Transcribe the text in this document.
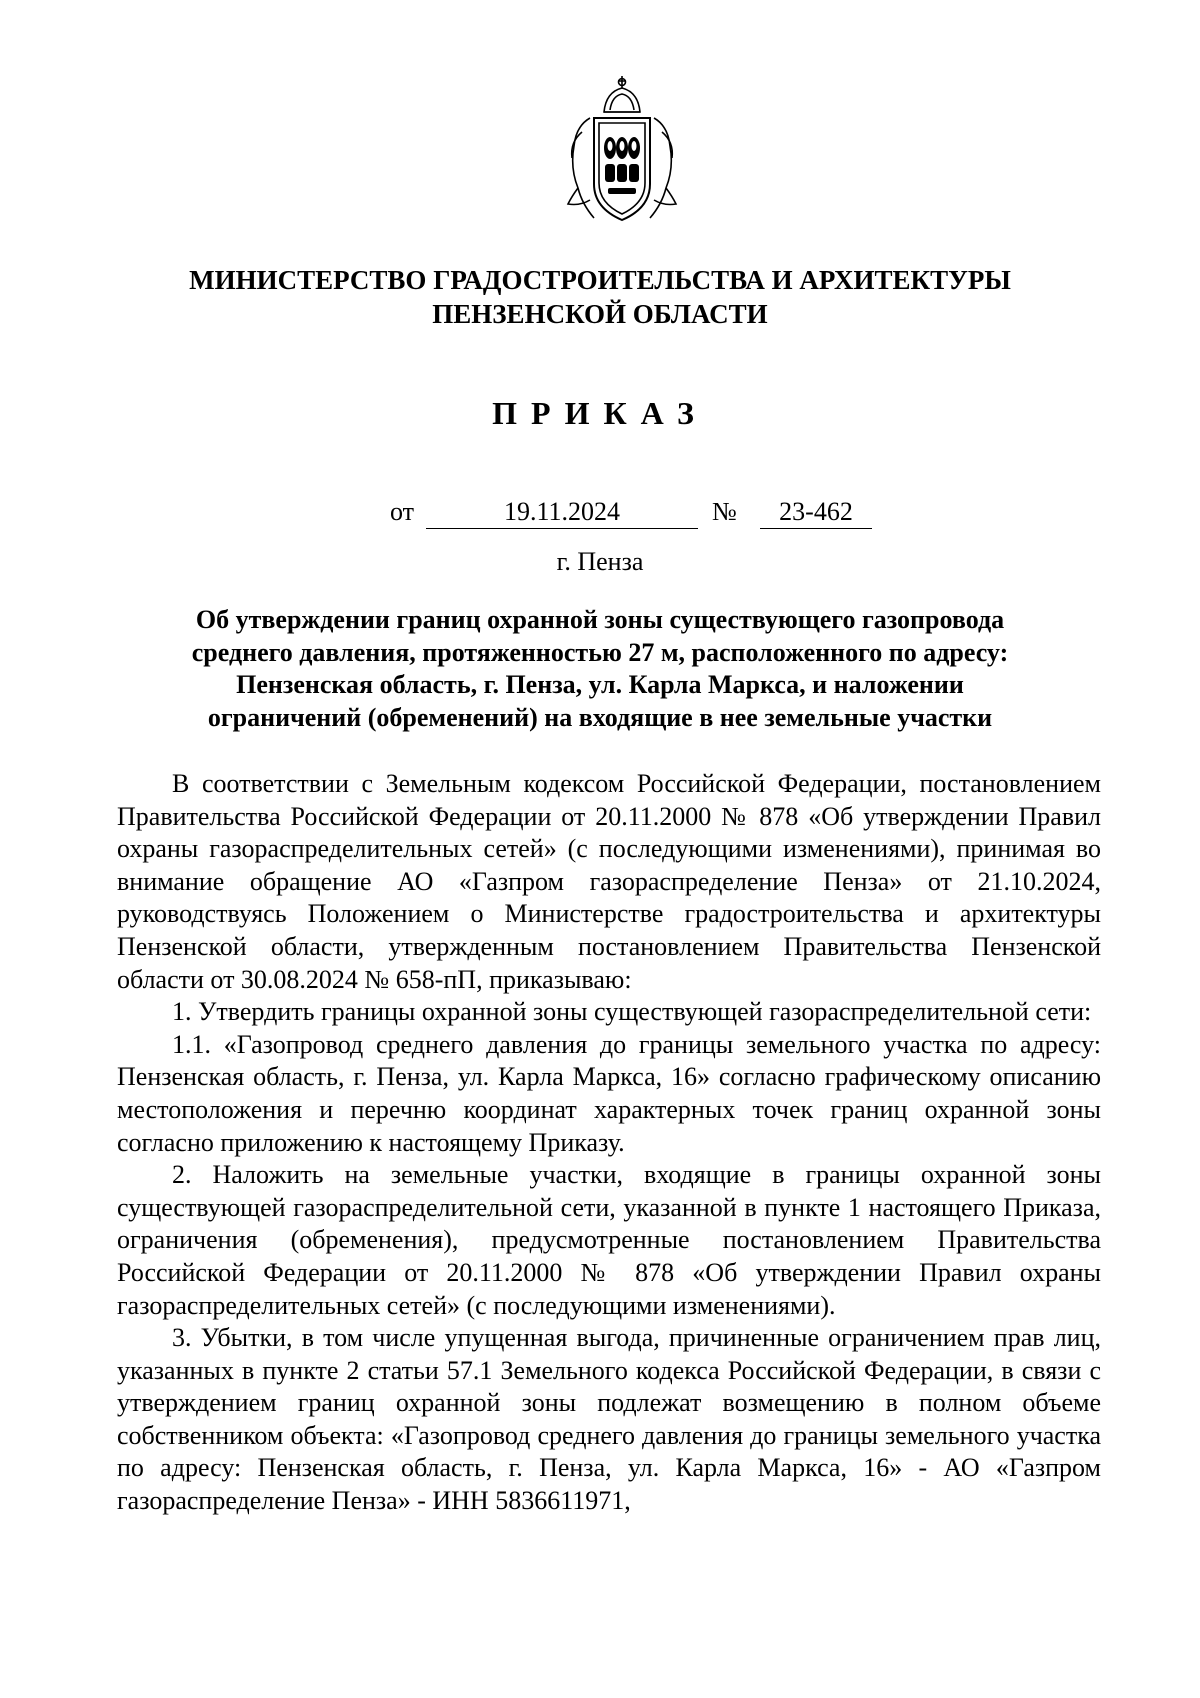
МИНИСТЕРСТВО ГРАДОСТРОИТЕЛЬСТВА И АРХИТЕКТУРЫ
ПЕНЗЕНСКОЙ ОБЛАСТИ
ПРИКАЗ
от	19.11.2024	№	23-462
г. Пенза
Об утверждении границ охранной зоны существующего газопровода
среднего давления, протяженностью 27 м, расположенного по адресу:
Пензенская область, г. Пенза, ул. Карла Маркса, и наложении
ограничений (обременений) на входящие в нее земельные участки

В соответствии с Земельным кодексом Российской Федерации, постановлением Правительства Российской Федерации от 20.11.2000 № 878 «Об утверждении Правил охраны газораспределительных сетей» (с последующими изменениями), принимая во внимание обращение АО «Газпром газораспределение Пенза» от 21.10.2024, руководствуясь Положением о Министерстве градостроительства и архитектуры Пензенской области, утвержденным постановлением Правительства Пензенской области от 30.08.2024 № 658-пП, приказываю:

1. Утвердить границы охранной зоны существующей газораспределительной сети:

1.1. «Газопровод среднего давления до границы земельного участка по адресу: Пензенская область, г. Пенза, ул. Карла Маркса, 16» согласно графическому описанию местоположения и перечню координат характерных точек границ охранной зоны согласно приложению к настоящему Приказу.

2. Наложить на земельные участки, входящие в границы охранной зоны существующей газораспределительной сети, указанной в пункте 1 настоящего Приказа, ограничения (обременения), предусмотренные постановлением Правительства Российской Федерации от 20.11.2000 № 878 «Об утверждении Правил охраны газораспределительных сетей» (с последующими изменениями).

3. Убытки, в том числе упущенная выгода, причиненные ограничением прав лиц, указанных в пункте 2 статьи 57.1 Земельного кодекса Российской Федерации, в связи с утверждением границ охранной зоны подлежат возмещению в полном объеме собственником объекта: «Газопровод среднего давления до границы земельного участка по адресу: Пензенская область, г. Пенза, ул. Карла Маркса, 16» - АО «Газпром газораспределение Пенза» - ИНН 5836611971,
